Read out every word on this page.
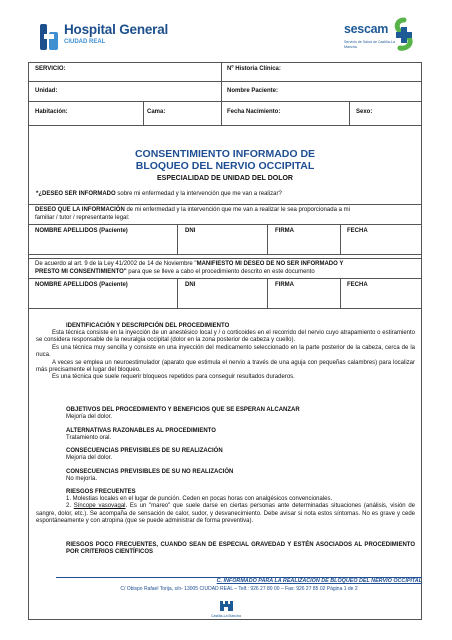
Hospital General
CIUDAD REAL
sescam
Servicio de Salud de Castilla-La Mancha
SERVICIO:	Nº Historia Clínica:
Unidad:	Nombre Paciente:
Habitación:	Cama:	Fecha Nacimiento:	Sexo:
CONSENTIMIENTO INFORMADO DE
BLOQUEO DEL NERVIO OCCIPITAL
ESPECIALIDAD DE UNIDAD DEL DOLOR
*¿DESEO SER INFORMADO sobre mi enfermedad y la intervención que me van a realizar?
DESEO QUE LA INFORMACIÓN de mi enfermedad y la intervención que me van a realizar le sea proporcionada a mi
familiar / tutor / representante legal:
NOMBRE APELLIDOS (Paciente)	DNI	FIRMA	FECHA
De acuerdo al art. 9 de la Ley 41/2002 de 14 de Noviembre "MANIFIESTO MI DESEO DE NO SER INFORMADO Y
PRESTO MI CONSENTIMIENTO" para que se lleve a cabo el procedimiento descrito en este documento
NOMBRE APELLIDOS (Paciente)	DNI	FIRMA	FECHA

IDENTIFICACIÓN Y DESCRIPCIÓN DEL PROCEDIMIENTO

Esta técnica consiste en la inyección de un anestésico local y / o corticoides en el recorrido del nervio cuyo atrapamiento o estiramiento se considera responsable de la neuralgia occipital (dolor en la zona posterior de cabeza y cuello).

Es una técnica muy sencilla y consiste en una inyección del medicamento seleccionado en la parte posterior de la cabeza, cerca de la nuca.

A veces se emplea un neuroestimulador (aparato que estimula el nervio a través de una aguja con pequeñas calambres) para localizar más precisamente el lugar del bloqueo.

Es una técnica que suele requerir bloqueos repetidos para conseguir resultados duraderos.

OBJETIVOS DEL PROCEDIMIENTO Y BENEFICIOS QUE SE ESPERAN ALCANZAR

Mejoría del dolor.

ALTERNATIVAS RAZONABLES AL PROCEDIMIENTO

Tratamiento oral.

CONSECUENCIAS PREVISIBLES DE SU REALIZACIÓN

Mejoría del dolor.

CONSECUENCIAS PREVISIBLES DE SU NO REALIZACIÓN

No mejoría.

RIESGOS FRECUENTES

1. Molestias locales en el lugar de punción. Ceden en pocas horas con analgésicos convencionales.

2. Síncope vasovagal. Es un "mareo" que suele darse en ciertas personas ante determinadas situaciones (análisis, visión de sangre, dolor, etc.). Se acompaña de sensación de calor, sudor, y desvanecimiento. Debe avisar si nota estos síntomas. No es grave y cede espontáneamente y con atropina (que se puede administrar de forma preventiva).

RIESGOS POCO FRECUENTES, CUANDO SEAN DE ESPECIAL GRAVEDAD Y ESTÉN ASOCIADOS AL PROCEDIMIENTO POR CRITERIOS CIENTÍFICOS

C. INFORMADO PARA LA REALIZACIÓN DE BLOQUEO DEL NERVIO OCCIPITAL
C/ Obispo Rafael Torija, s/n- 13005 CIUDAD REAL – Telf.: 926 27 80 00 – Fax: 926 27 85 02 Página 1 de 2
Castilla-La Mancha
